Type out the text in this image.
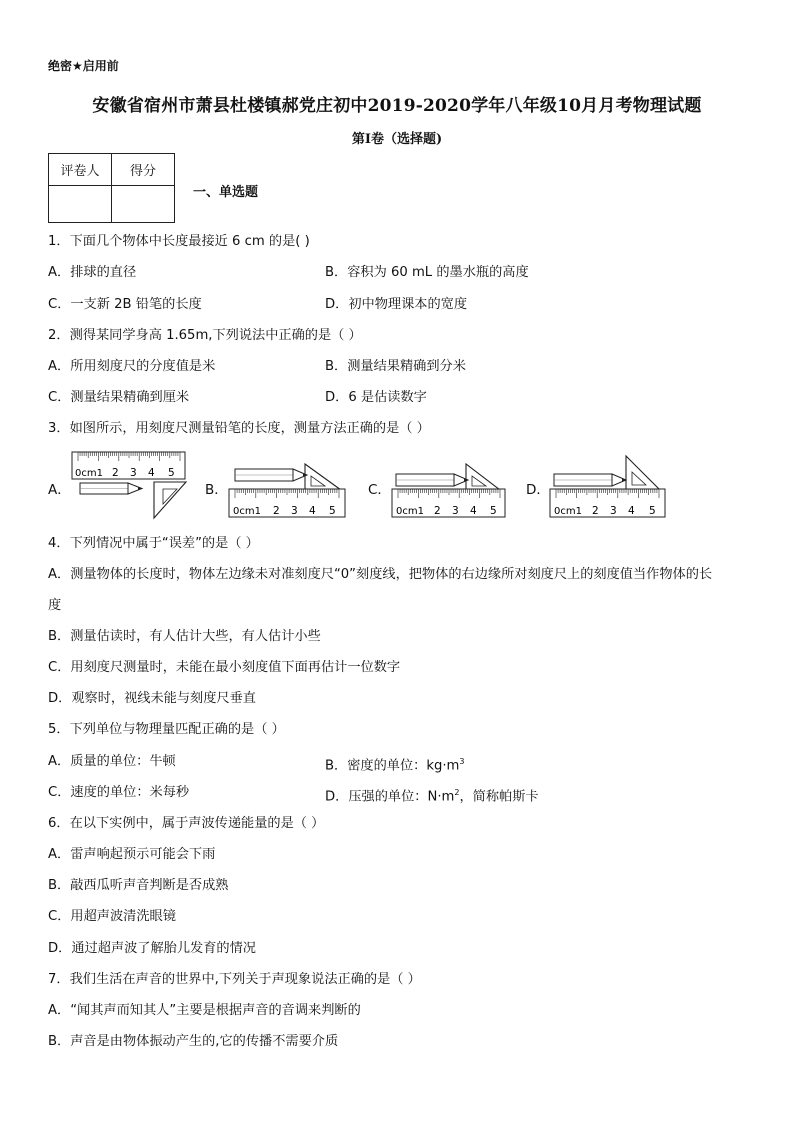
绝密★启用前
安徽省宿州市萧县杜楼镇郝党庄初中2019-2020学年八年级10月月考物理试题
第I卷（选择题)
评卷人	得分

一、单选题
1．下面几个物体中长度最接近 6 cm 的是( )
A．排球的直径	B．容积为 60 mL 的墨水瓶的高度
C．一支新 2B 铅笔的长度	D．初中物理课本的宽度
2．测得某同学身高 1.65m,下列说法中正确的是（ ）
A．所用刻度尺的分度值是米	B．测量结果精确到分米
C．测量结果精确到厘米	D．6 是估读数字
3．如图所示，用刻度尺测量铅笔的长度，测量方法正确的是（ ）
A．
0cm1 2 3 4 5
B．
0cm1 2 3 4 5
C．
0cm1 2 3 4 5
D．
0cm1 2 3 4 5
4．下列情况中属于“误差”的是（ ）
A．测量物体的长度时，物体左边缘未对准刻度尺“0”刻度线，把物体的右边缘所对刻度尺上的刻度值当作物体的长
度
B．测量估读时，有人估计大些，有人估计小些
C．用刻度尺测量时，未能在最小刻度值下面再估计一位数字
D．观察时，视线未能与刻度尺垂直
5．下列单位与物理量匹配正确的是（ ）
A．质量的单位：牛顿	B．密度的单位：$kg\cdot m^3$
C．速度的单位：米每秒	D．压强的单位：$N\cdot m^2$，简称帕斯卡
6．在以下实例中，属于声波传递能量的是（ ）
A．雷声响起预示可能会下雨
B．敲西瓜听声音判断是否成熟
C．用超声波清洗眼镜
D．通过超声波了解胎儿发育的情况
7．我们生活在声音的世界中,下列关于声现象说法正确的是（ ）
A．“闻其声而知其人”主要是根据声音的音调来判断的
B．声音是由物体振动产生的,它的传播不需要介质
